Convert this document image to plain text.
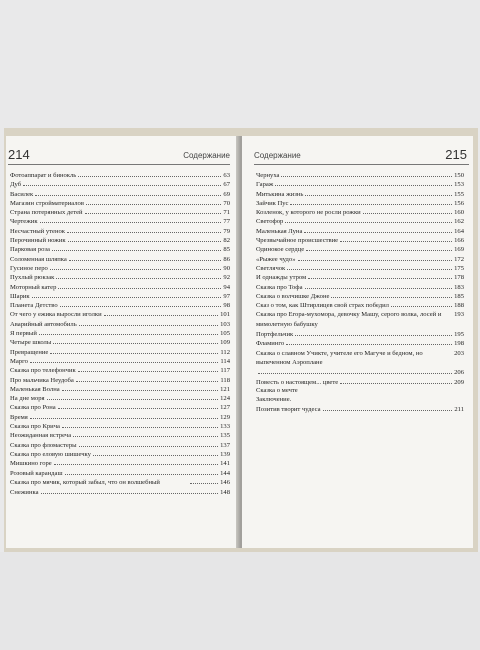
214	Содержание
Фотоаппарат и бинокль	63
Дуб	67
Василек	69
Магазин стройматериалов	70
Страна потерянных детей	71
Чертежик	77
Несчастный утенок	79
Перочинный ножик	82
Парковая роза	85
Соломенная шляпка	86
Гусиное перо	90
Пухлый рюкзак	92
Моторный катер	94
Шарик	97
Планета Детство	98
От чего у ежика выросли иголки	101
Аварийный автомобиль	103
Я первый	105
Четыре школы	109
Превращение	112
Марго	114
Сказка про телефончик	117
Про мальчика Неудоба	118
Маленькая Волна	121
На дне моря	124
Сказка про Рона	127
Время	129
Сказка про Крича	133
Неожиданная встреча	135
Сказка про фломастеры	137
Сказка про еловую шишечку	139
Мишкино горе	141
Розовый карандаш	144
Сказка про мячик, который забыл, что он волшебный	146
Снежинка	148
215
Содержание
Чернуха	150
Гараж	153
Митькина жизнь	155
Зайчик Пус	156
Козленок, у которого не росли рожки	160
Светофор	162
Маленькая Луна	164
Чрезвычайное происшествие	166
Одинокое сердце	169
«Рыжее чудо»	172
Светлячок	175
И однажды утром	178
Сказка про Тофа	183
Сказка о волчишке Джоне	185
Сказ о том, как Штирлицев свой страх победил	188
Сказка про Егора-мухомора, девочку Машу, серого волка, лосей и мимолетную бабушку
193
Портфельчик	195
Фламинго	198
Сказка о славном Учикте, учителе его Магуче и бедном, но выпеченном Аэроплане
203
206
Повесть о настоящем... цвете	209
Сказка о мечте
Заключение.
Позитив творит чудеса	211
